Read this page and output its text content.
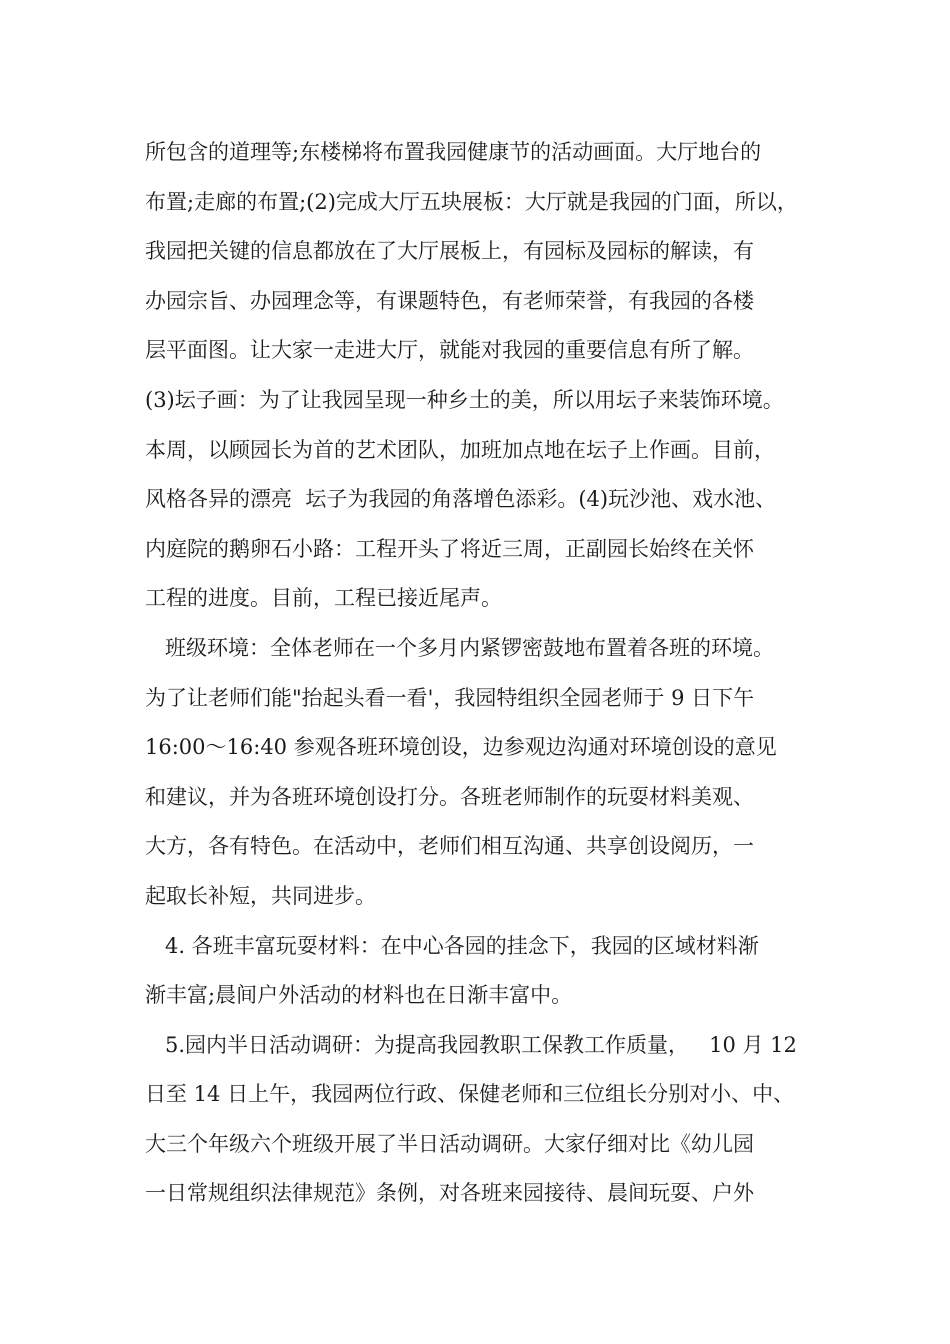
所包含的道理等;东楼梯将布置我园健康节的活动画面。大厅地台的
布置;走廊的布置;(2)完成大厅五块展板：大厅就是我园的门面，所以，
我园把关键的信息都放在了大厅展板上，有园标及园标的解读，有
办园宗旨、办园理念等，有课题特色，有老师荣誉，有我园的各楼
层平面图。让大家一走进大厅，就能对我园的重要信息有所了解。
(3)坛子画：为了让我园呈现一种乡土的美，所以用坛子来装饰环境。
本周，以顾园长为首的艺术团队，加班加点地在坛子上作画。目前，
风格各异的漂亮  坛子为我园的角落增色添彩。(4)玩沙池、戏水池、
内庭院的鹅卵石小路：工程开头了将近三周，正副园长始终在关怀
工程的进度。目前，工程已接近尾声。
班级环境：全体老师在一个多月内紧锣密鼓地布置着各班的环境。
为了让老师们能"抬起头看一看'，我园特组织全园老师于 9 日下午
16:00～16:40 参观各班环境创设，边参观边沟通对环境创设的意见
和建议，并为各班环境创设打分。各班老师制作的玩耍材料美观、
大方，各有特色。在活动中，老师们相互沟通、共享创设阅历，一
起取长补短，共同进步。
4. 各班丰富玩耍材料：在中心各园的挂念下，我园的区域材料渐
渐丰富;晨间户外活动的材料也在日渐丰富中。
5.园内半日活动调研：为提高我园教职工保教工作质量，   10 月 12
日至 14 日上午，我园两位行政、保健老师和三位组长分别对小、中、
大三个年级六个班级开展了半日活动调研。大家仔细对比《幼儿园
一日常规组织法律规范》条例，对各班来园接待、晨间玩耍、户外
